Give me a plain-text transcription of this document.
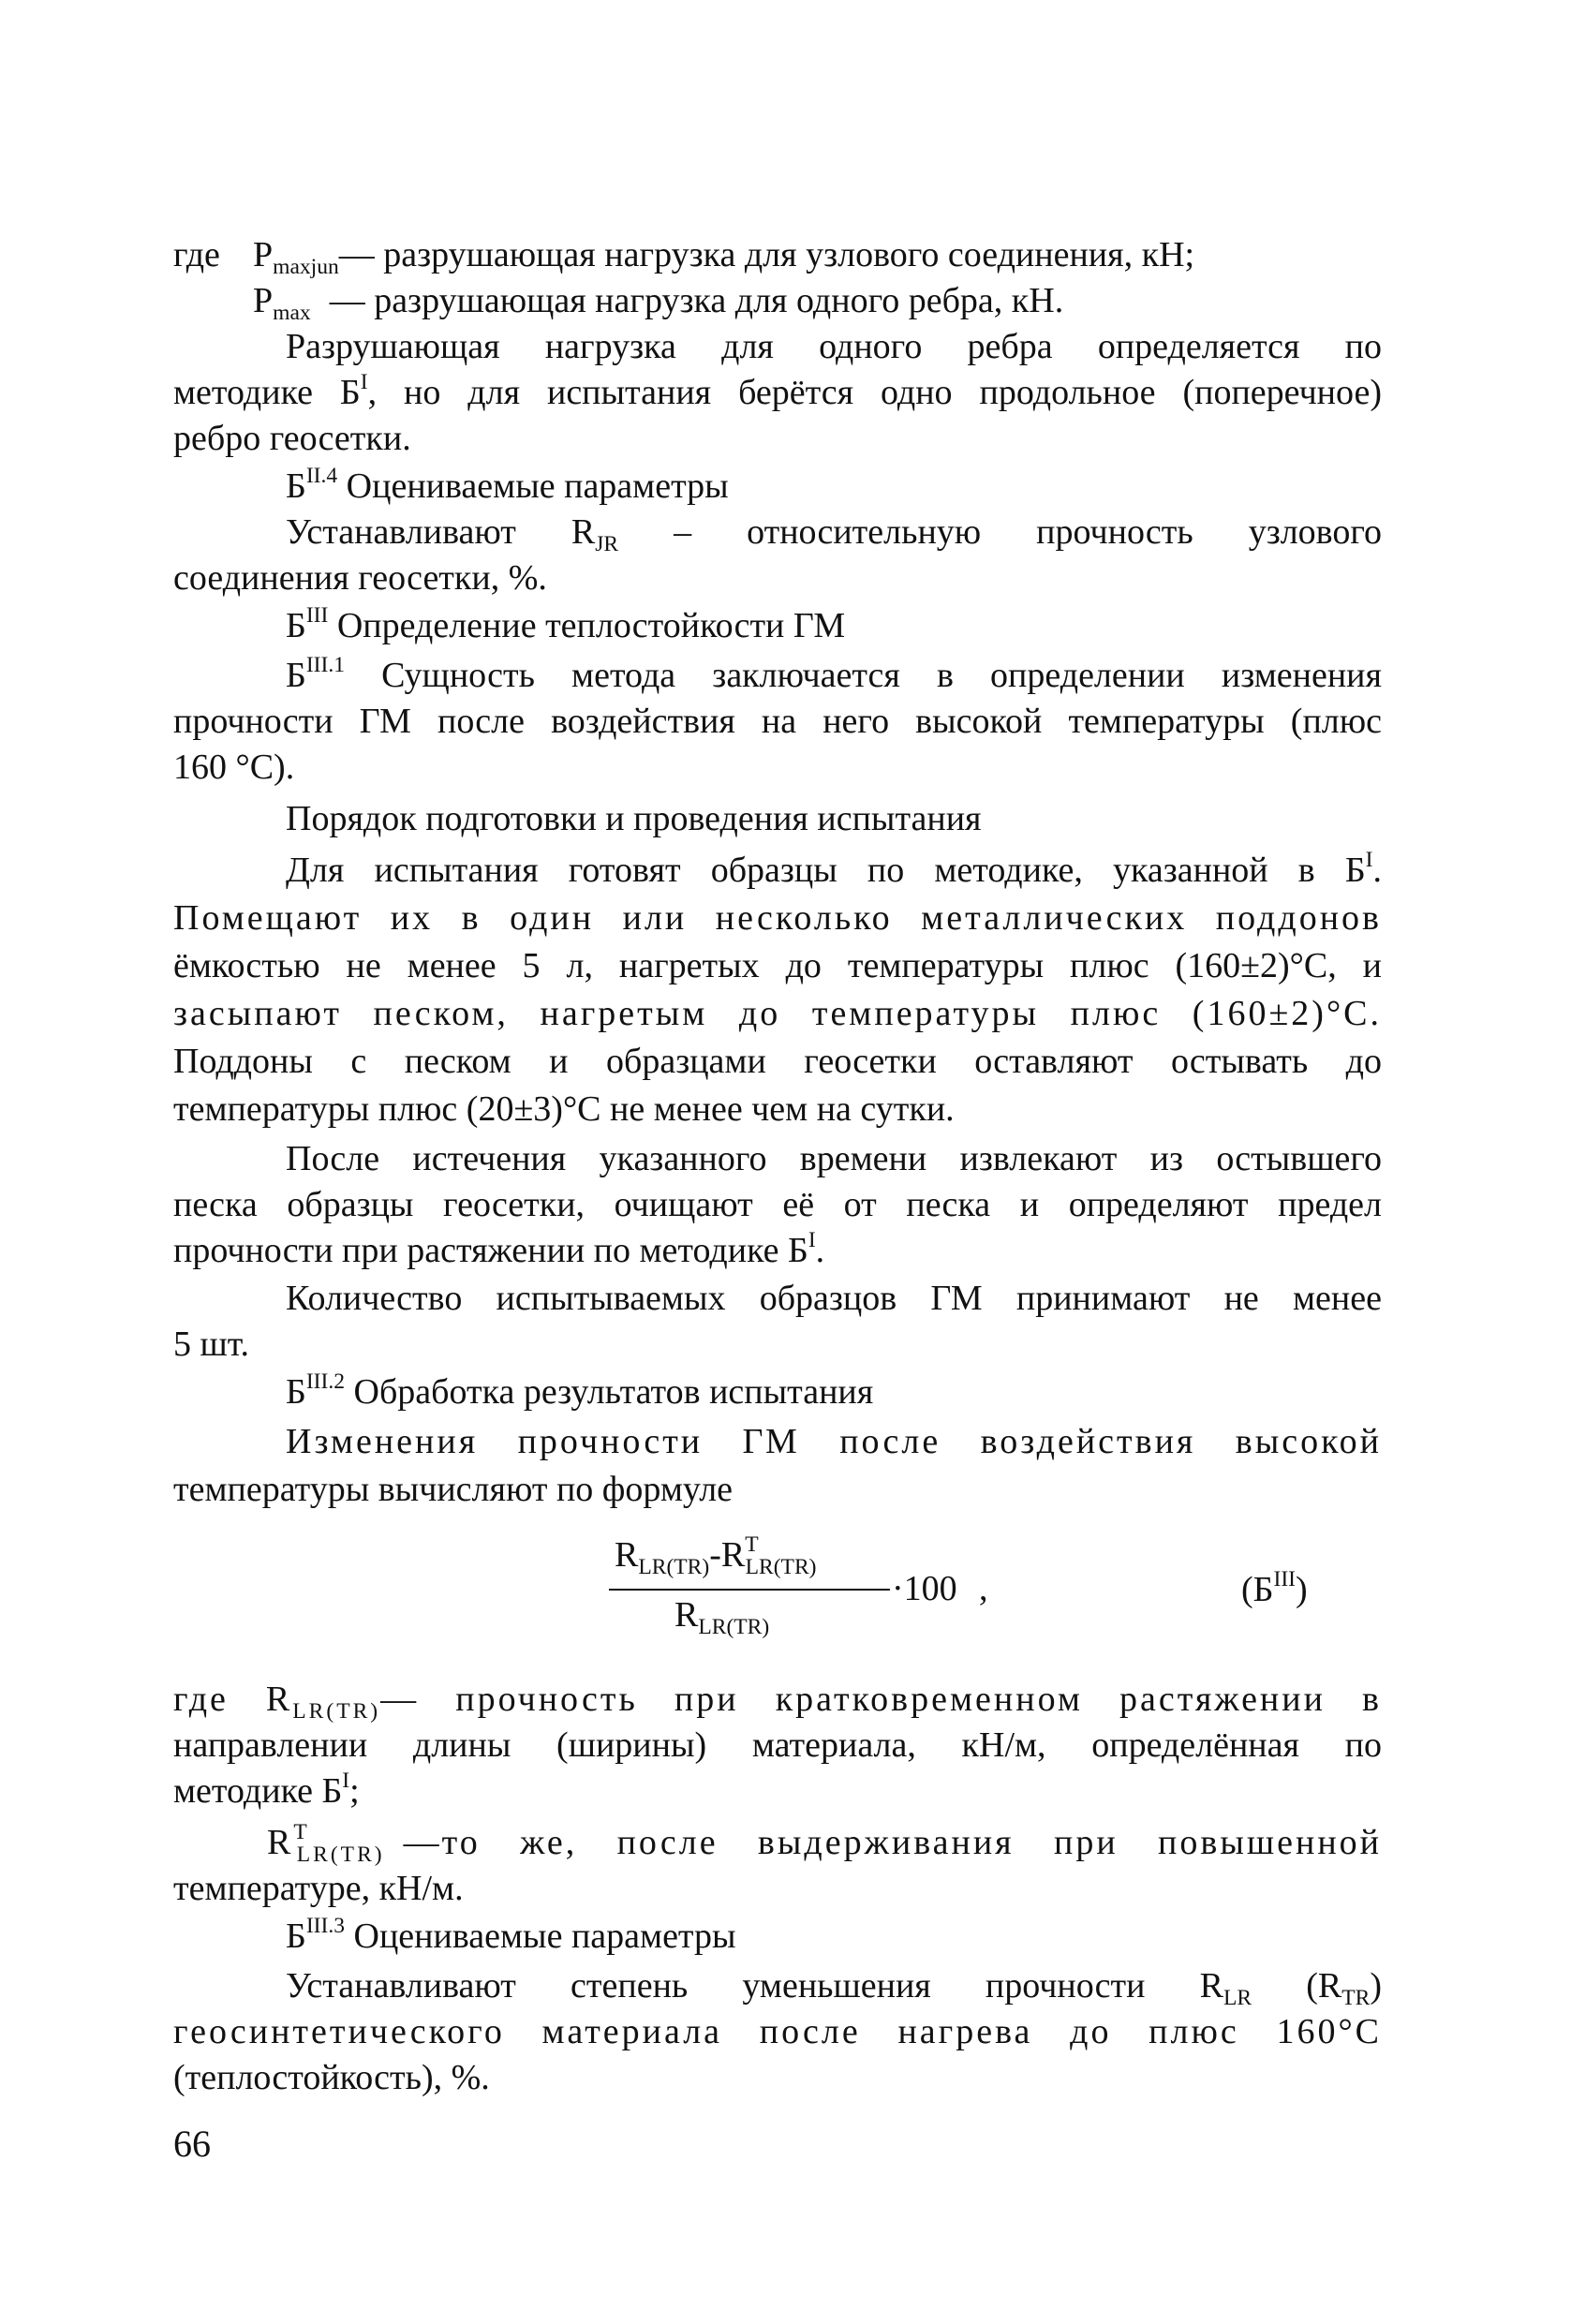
где $P_{maxjun}—$ разрушающая нагрузка для узлового соединения, кН;
$P_{max}$ — разрушающая нагрузка для одного ребра, кН.
Разрушающая нагрузка для одного ребра определяется по
методике $Б^I$, но для испытания берётся одно продольное (поперечное)
ребро геосетки.
$Б^{II.4}$ Оцениваемые параметры
Устанавливают $R_{JR}$ – относительную прочность узлового
соединения геосетки, %.
$Б^{III}$ Определение теплостойкости ГМ
$Б^{III.1}$ Сущность метода заключается в определении изменения
прочности ГМ после воздействия на него высокой температуры (плюс
160 °С).
Порядок подготовки и проведения испытания
Для испытания готовят образцы по методике, указанной в $Б^I$.
Помещают их в один или несколько металлических поддонов
ёмкостью не менее 5 л, нагретых до температуры плюс (160±2)°С, и
засыпают песком, нагретым до температуры плюс (160±2)°С.
Поддоны с песком и образцами геосетки оставляют остывать до
температуры плюс (20±3)°С не менее чем на сутки.
После истечения указанного времени извлекают из остывшего
песка образцы геосетки, очищают её от песка и определяют предел
прочности при растяжении по методике $Б^I$.
Количество испытываемых образцов ГМ принимают не менее
5 шт.
$Б^{III.2}$ Обработка результатов испытания
Изменения прочности ГМ после воздействия высокой
температуры вычисляют по формуле
$R_{LR(TR)}-R^T_{LR(TR)}$
$R_{LR(TR)}$
·100 ,	$(Б^{III})$
где $R_{LR(TR)}—$ прочность при кратковременном растяжении в
направлении длины (ширины) материала, кН/м, определённая по
методике $Б^I$;
$R^T_{LR(TR)}$ —то же, после выдерживания при повышенной
температуре, кН/м.
$Б^{III.3}$ Оцениваемые параметры
Устанавливают степень уменьшения прочности $R_{LR}$ $(R_{TR})$
геосинтетического материала после нагрева до плюс 160°С
(теплостойкость), %.
66
